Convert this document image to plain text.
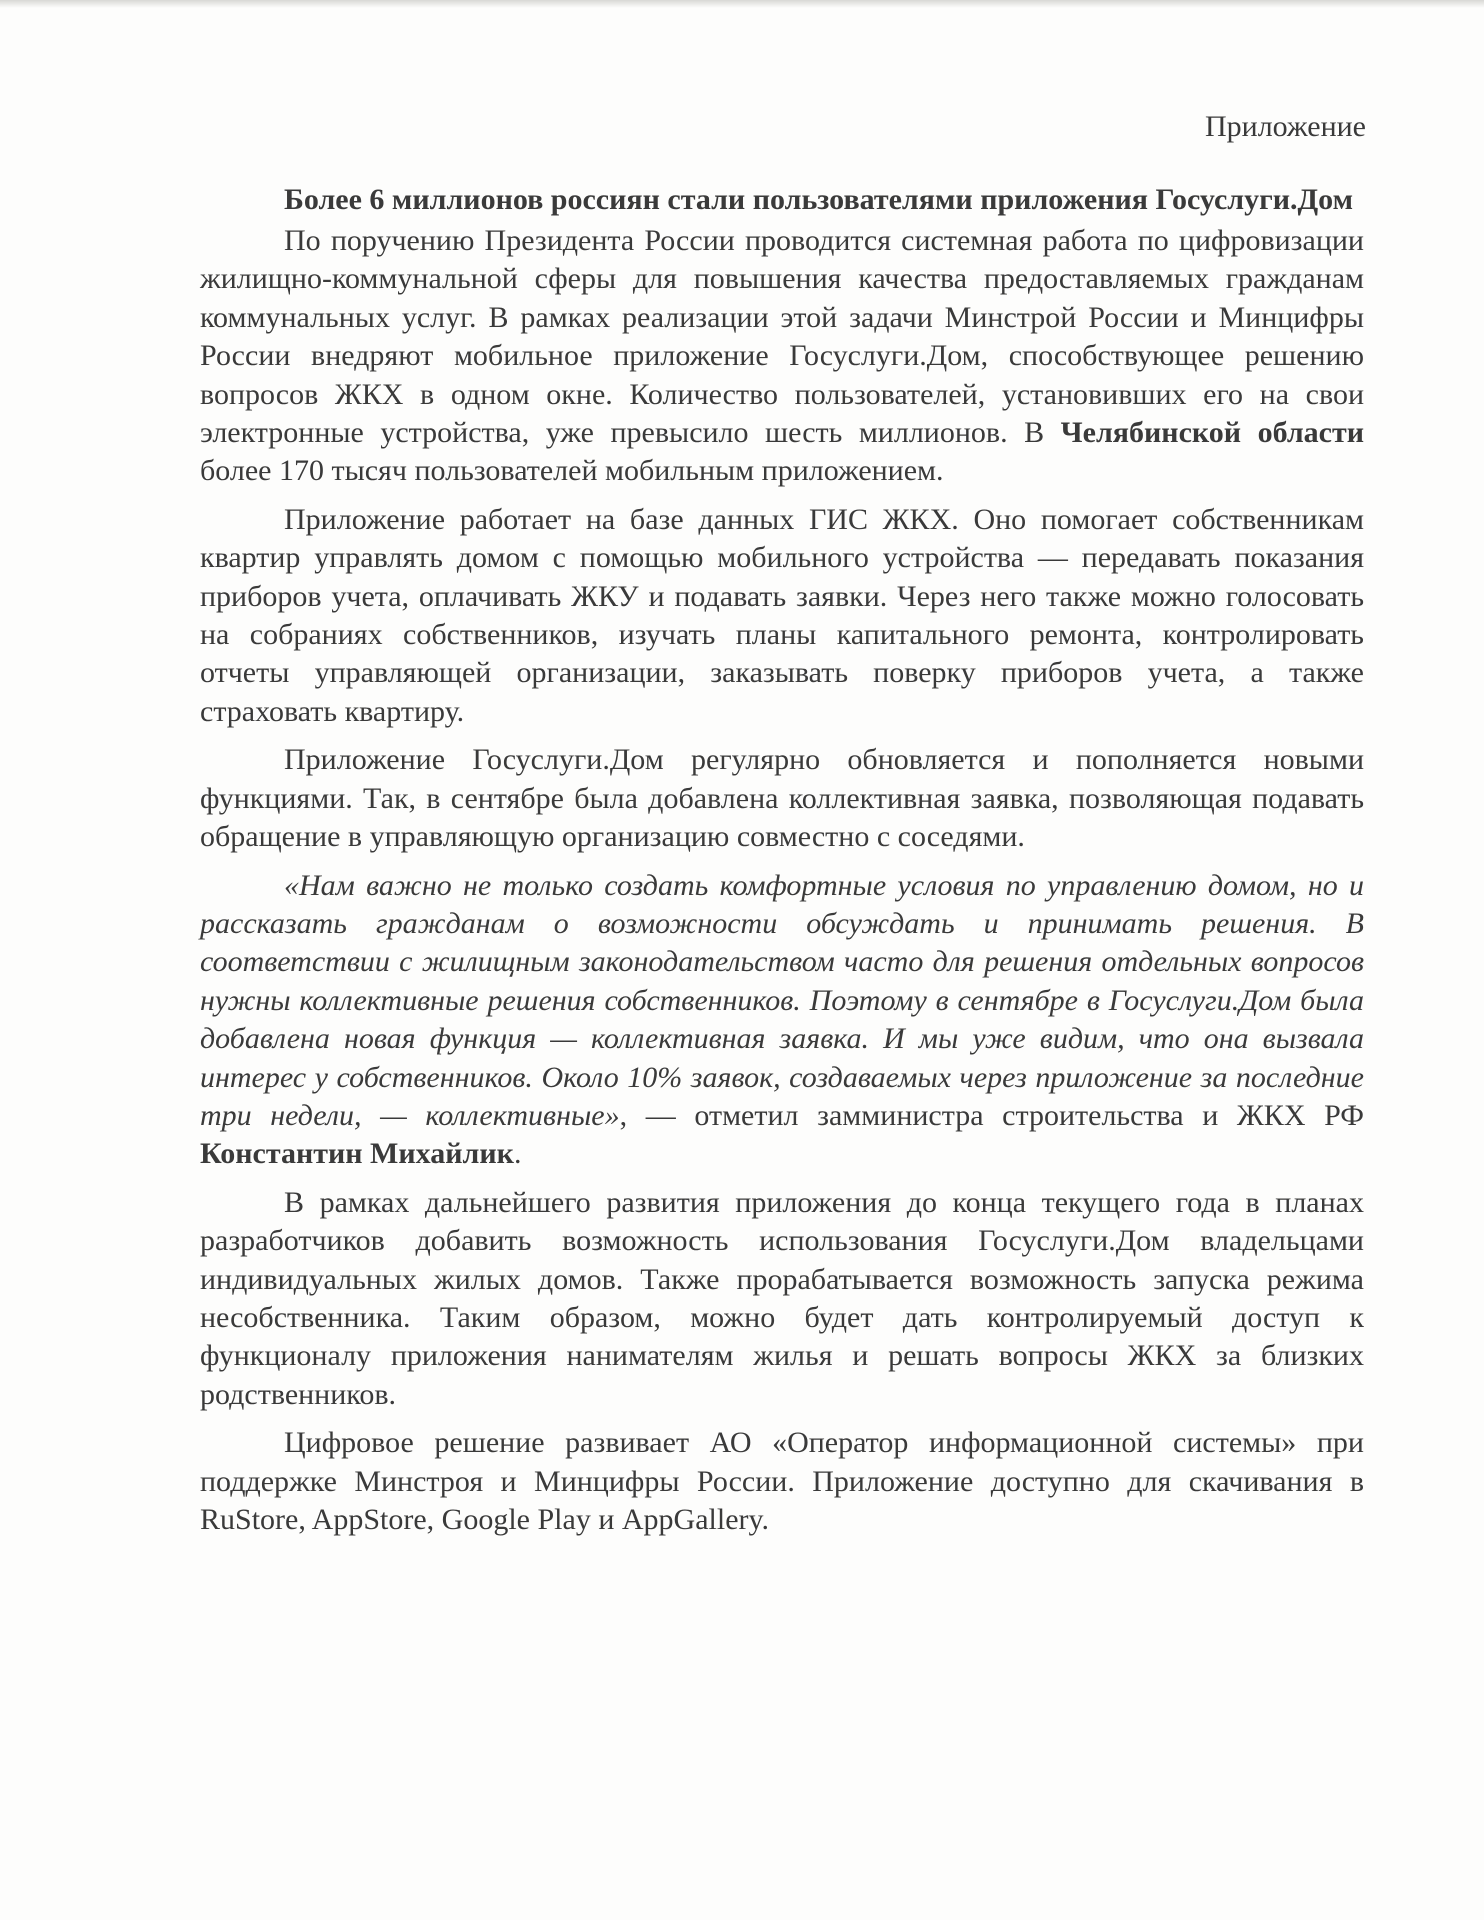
Приложение

Более 6 миллионов россиян стали пользователями приложения Госуслуги.Дом

По поручению Президента России проводится системная работа по цифровизации жилищно-коммунальной сферы для повышения качества предоставляемых гражданам коммунальных услуг. В рамках реализации этой задачи Минстрой России и Минцифры России внедряют мобильное приложение Госуслуги.Дом, способствующее решению вопросов ЖКХ в одном окне. Количество пользователей, установивших его на свои электронные устройства, уже превысило шесть миллионов. В Челябинской области более 170 тысяч пользователей мобильным приложением.

Приложение работает на базе данных ГИС ЖКХ. Оно помогает собственникам квартир управлять домом с помощью мобильного устройства — передавать показания приборов учета, оплачивать ЖКУ и подавать заявки. Через него также можно голосовать на собраниях собственников, изучать планы капитального ремонта, контролировать отчеты управляющей организации, заказывать поверку приборов учета, а также страховать квартиру.

Приложение Госуслуги.Дом регулярно обновляется и пополняется новыми функциями. Так, в сентябре была добавлена коллективная заявка, позволяющая подавать обращение в управляющую организацию совместно с соседями.

«Нам важно не только создать комфортные условия по управлению домом, но и рассказать гражданам о возможности обсуждать и принимать решения. В соответствии с жилищным законодательством часто для решения отдельных вопросов нужны коллективные решения собственников. Поэтому в сентябре в Госуслуги.Дом была добавлена новая функция — коллективная заявка. И мы уже видим, что она вызвала интерес у собственников. Около 10% заявок, создаваемых через приложение за последние три недели, — коллективные», — отметил замминистра строительства и ЖКХ РФ Константин Михайлик.

В рамках дальнейшего развития приложения до конца текущего года в планах разработчиков добавить возможность использования Госуслуги.Дом владельцами индивидуальных жилых домов. Также прорабатывается возможность запуска режима несобственника. Таким образом, можно будет дать контролируемый доступ к функционалу приложения нанимателям жилья и решать вопросы ЖКХ за близких родственников.

Цифровое решение развивает АО «Оператор информационной системы» при поддержке Минстроя и Минцифры России. Приложение доступно для скачивания в RuStore, AppStore, Google Play и AppGallery.
